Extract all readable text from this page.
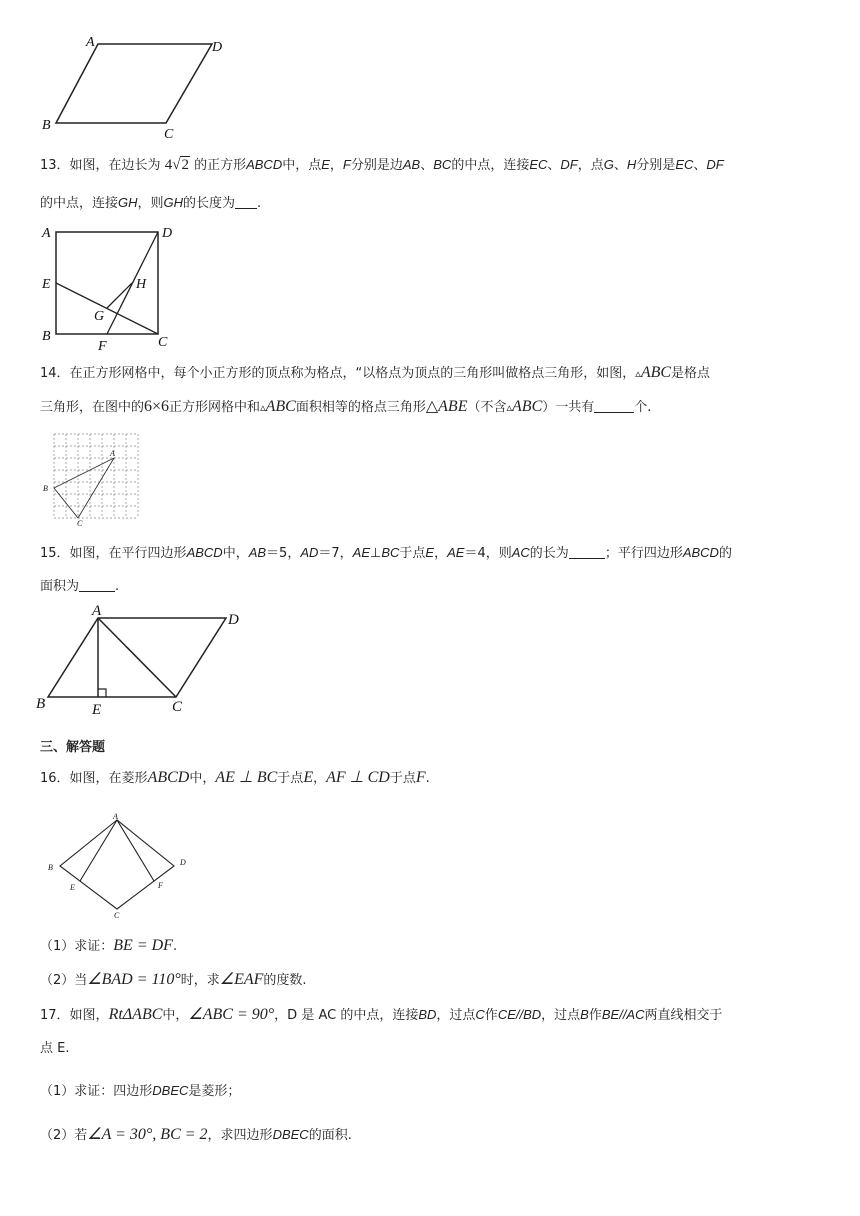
A	D
B
C
13．如图，在边长为 4√2 的正方形ABCD中，点E，F分别是边AB、BC的中点，连接EC、DF，点G、H分别是EC、DF
的中点，连接GH，则GH的长度为 .
A	D
E	H
G
B
F	C
14．在正方形网格中，每个小正方形的顶点称为格点，“以格点为顶点的三角形叫做格点三角形，如图，▵ABC是格点
三角形，在图中的6×6正方形网格中和▵ABC面积相等的格点三角形△ABE（不含▵ABC）一共有	个.
A
B
C
15．如图，在平行四边形ABCD中，AB＝5，AD＝7，AE⊥BC于点E，AE＝4，则AC的长为	；平行四边形ABCD的
面积为	.
A
D
B	E	C
三、解答题
16．如图，在菱形ABCD中，AE ⊥ BC于点E，AF ⊥ CD于点F.
A
B
D
E	F
C
（1）求证：BE = DF.
（2）当∠BAD = 110°时，求∠EAF的度数.
17．如图，RtΔABC中，∠ABC = 90°，D 是 AC 的中点，连接BD，过点C作CE//BD，过点B作BE//AC两直线相交于
点 E.
（1）求证：四边形DBEC是菱形；
（2）若∠A = 30°, BC = 2，求四边形DBEC的面积.
